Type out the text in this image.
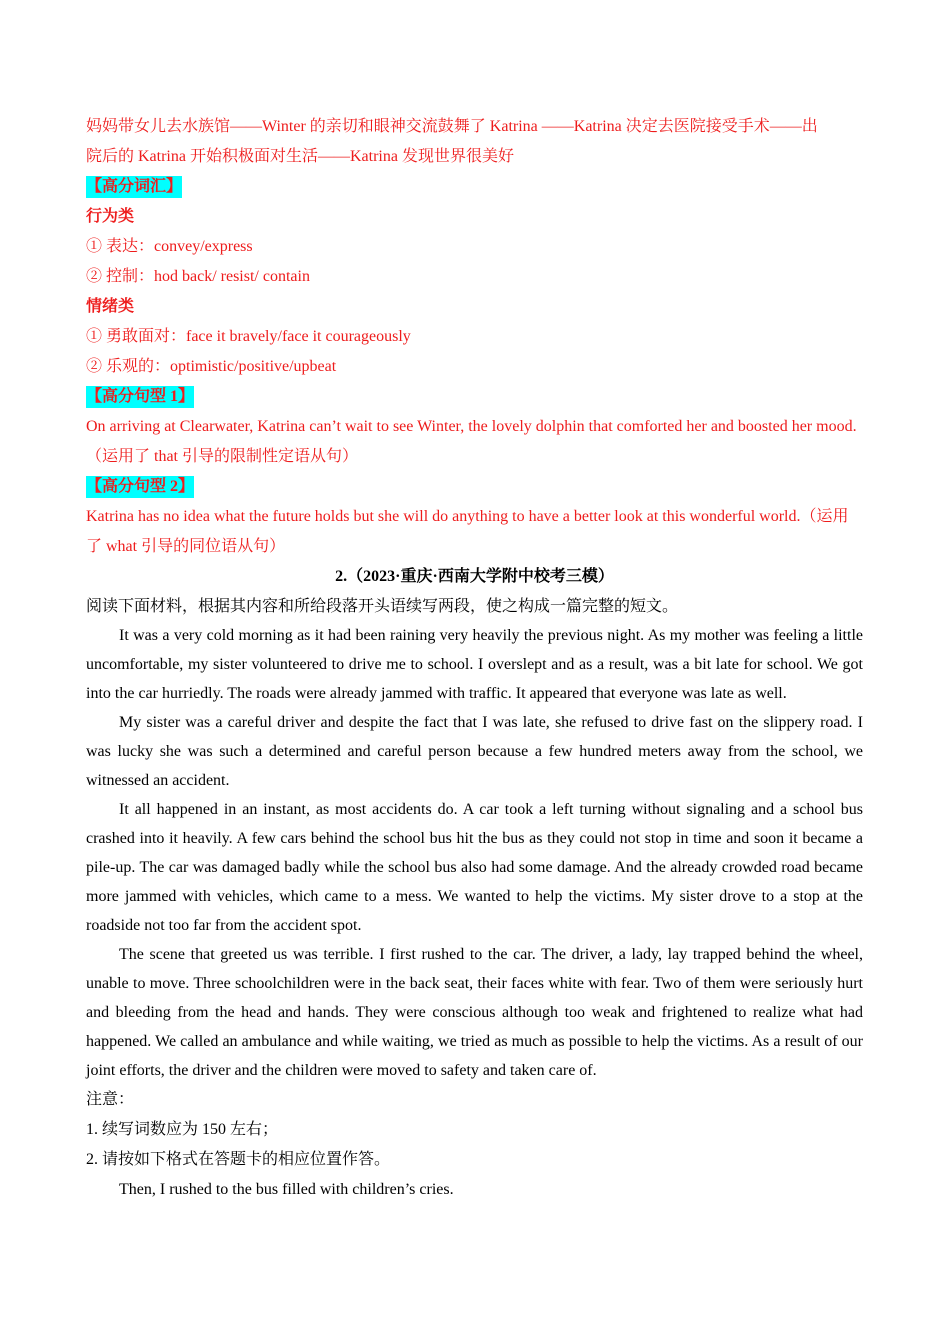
妈妈带女儿去水族馆——Winter 的亲切和眼神交流鼓舞了 Katrina ——Katrina 决定去医院接受手术——出
院后的 Katrina 开始积极面对生活——Katrina 发现世界很美好
【高分词汇】
行为类
① 表达：convey/express
② 控制：hod back/ resist/ contain
情绪类
① 勇敢面对：face it bravely/face it courageously
② 乐观的：optimistic/positive/upbeat
【高分句型 1】

On arriving at Clearwater, Katrina can’t wait to see Winter, the lovely dolphin that comforted her and boosted her mood.（运用了 that 引导的限制性定语从句）

【高分句型 2】

Katrina has no idea what the future holds but she will do anything to have a better look at this wonderful world.（运用了 what 引导的同位语从句）

2.（2023·重庆·西南大学附中校考三模）
阅读下面材料，根据其内容和所给段落开头语续写两段，使之构成一篇完整的短文。

It was a very cold morning as it had been raining very heavily the previous night. As my mother was feeling a little uncomfortable, my sister volunteered to drive me to school. I overslept and as a result, was a bit late for school. We got into the car hurriedly. The roads were already jammed with traffic. It appeared that everyone was late as well.

My sister was a careful driver and despite the fact that I was late, she refused to drive fast on the slippery road. I was lucky she was such a determined and careful person because a few hundred meters away from the school, we witnessed an accident.

It all happened in an instant, as most accidents do. A car took a left turning without signaling and a school bus crashed into it heavily. A few cars behind the school bus hit the bus as they could not stop in time and soon it became a pile-up. The car was damaged badly while the school bus also had some damage. And the already crowded road became more jammed with vehicles, which came to a mess. We wanted to help the victims. My sister drove to a stop at the roadside not too far from the accident spot.

The scene that greeted us was terrible. I first rushed to the car. The driver, a lady, lay trapped behind the wheel, unable to move. Three schoolchildren were in the back seat, their faces white with fear. Two of them were seriously hurt and bleeding from the head and hands. They were conscious although too weak and frightened to realize what had happened. We called an ambulance and while waiting, we tried as much as possible to help the victims. As a result of our joint efforts, the driver and the children were moved to safety and taken care of.

注意：
1. 续写词数应为 150 左右；
2. 请按如下格式在答题卡的相应位置作答。

Then, I rushed to the bus filled with children’s cries.
